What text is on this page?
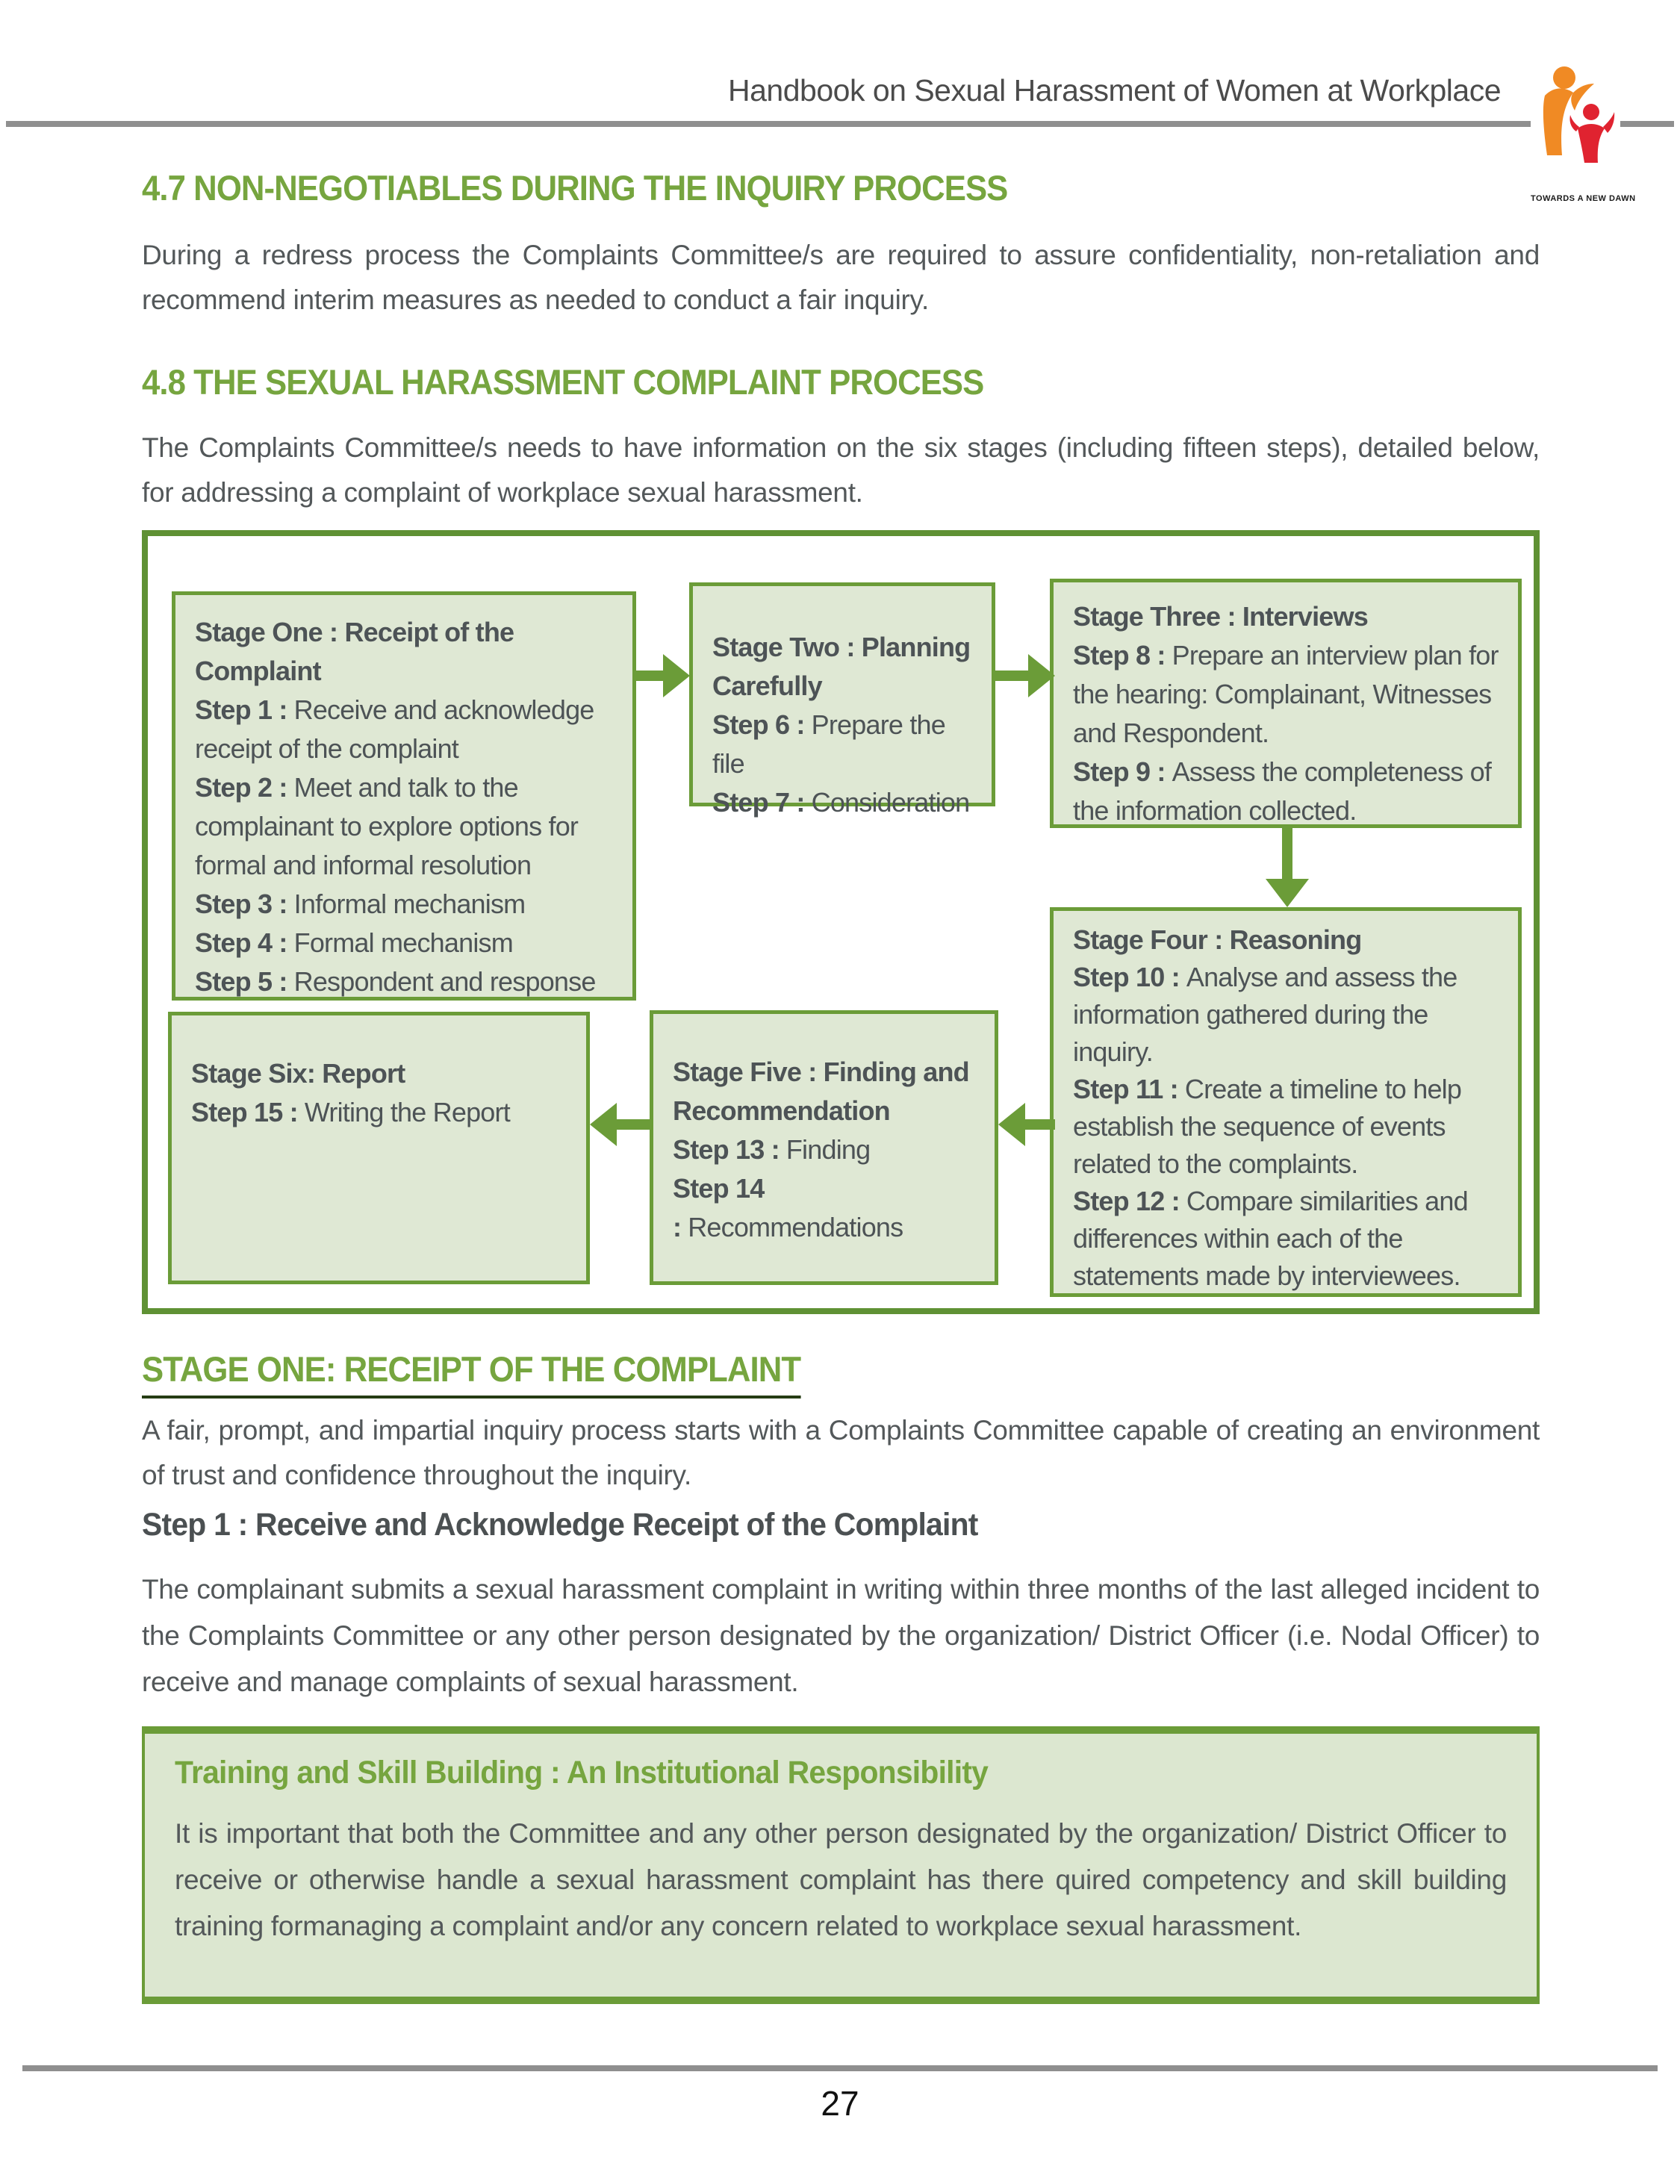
Handbook on Sexual Harassment of Women at Workplace
TOWARDS A NEW DAWN
4.7 NON-NEGOTIABLES DURING THE INQUIRY PROCESS
During a redress process the Complaints Committee/s are required to assure confidentiality, non-retaliation and recommend interim measures as needed to conduct a fair inquiry.
4.8 THE SEXUAL HARASSMENT COMPLAINT PROCESS
The Complaints Committee/s needs to have information on the six stages (including fifteen steps), detailed below, for addressing a complaint of workplace sexual harassment.
Stage One : Receipt of the Complaint
Step 1 : Receive and acknowledge receipt of the complaint
Step 2 : Meet and talk to the complainant to explore options for formal and informal resolution
Step 3 : Informal mechanism
Step 4 : Formal mechanism
Step 5 : Respondent and response
Stage Two : Planning Carefully
Step 6 : Prepare the file
Step 7 : Consideration
Stage Three : Interviews
Step 8 : Prepare an interview plan for the hearing: Complainant, Witnesses and Respondent.
Step 9 : Assess the completeness of the information collected.
Stage Four : Reasoning
Step 10 : Analyse and assess the information gathered during the inquiry.
Step 11 : Create a timeline to help establish the sequence of events related to the complaints.
Step 12 : Compare similarities and differences within each of the statements made by interviewees.
Stage Five : Finding and Recommendation
Step 13 : Finding
Step 14 : Recommendations
Stage Six: Report
Step 15 : Writing the Report
STAGE ONE: RECEIPT OF THE COMPLAINT
A fair, prompt, and impartial inquiry process starts with a Complaints Committee capable of creating an environment of trust and confidence throughout the inquiry.
Step 1 : Receive and Acknowledge Receipt of the Complaint
The complainant submits a sexual harassment complaint in writing within three months of the last alleged incident to the Complaints Committee or any other person designated by the organization/ District Officer (i.e. Nodal Officer) to receive and manage complaints of sexual harassment.
Training and Skill Building : An Institutional Responsibility
It is important that both the Committee and any other person designated by the organization/ District Officer to receive or otherwise handle a sexual harassment complaint has there quired competency and skill building training formanaging a complaint and/or any concern related to workplace sexual harassment.
27
